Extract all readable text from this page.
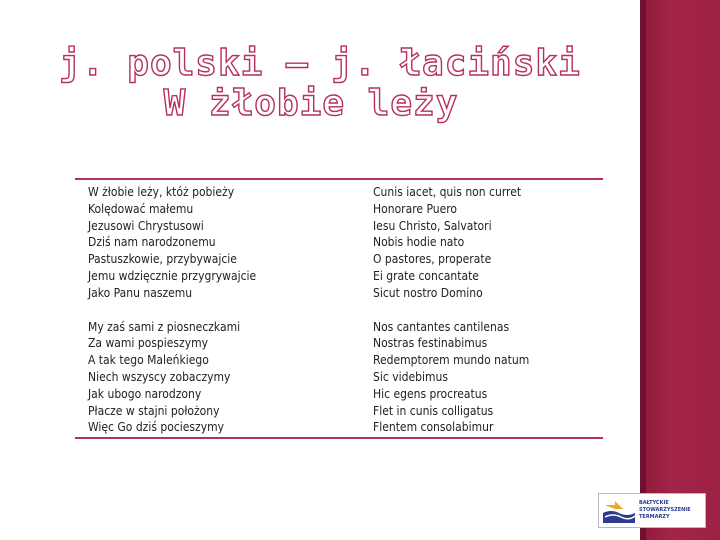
j. polski – j. łaciński
W żłobie leży
W żłobie leży, któż pobieży
Kolędować małemu
Jezusowi Chrystusowi
Dziś nam narodzonemu
Pastuszkowie, przybywajcie
Jemu wdzięcznie przygrywajcie
Jako Panu naszemu
My zaś sami z piosneczkami
Za wami pospieszymy
A tak tego Maleńkiego
Niech wszyscy zobaczymy
Jak ubogo narodzony
Płacze w stajni położony
Więc Go dziś pocieszymy
Cunis iacet, quis non curret
Honorare Puero
Iesu Christo, Salvatori
Nobis hodie nato
O pastores, properate
Ei grate concantate
Sicut nostro Domino
Nos cantantes cantilenas
Nostras festinabimus
Redemptorem mundo natum
Sic videbimus
Hic egens procreatus
Flet in cunis colligatus
Flentem consolabimur
BAŁTYCKIE
STOWARZYSZENIE
TERMARZY
